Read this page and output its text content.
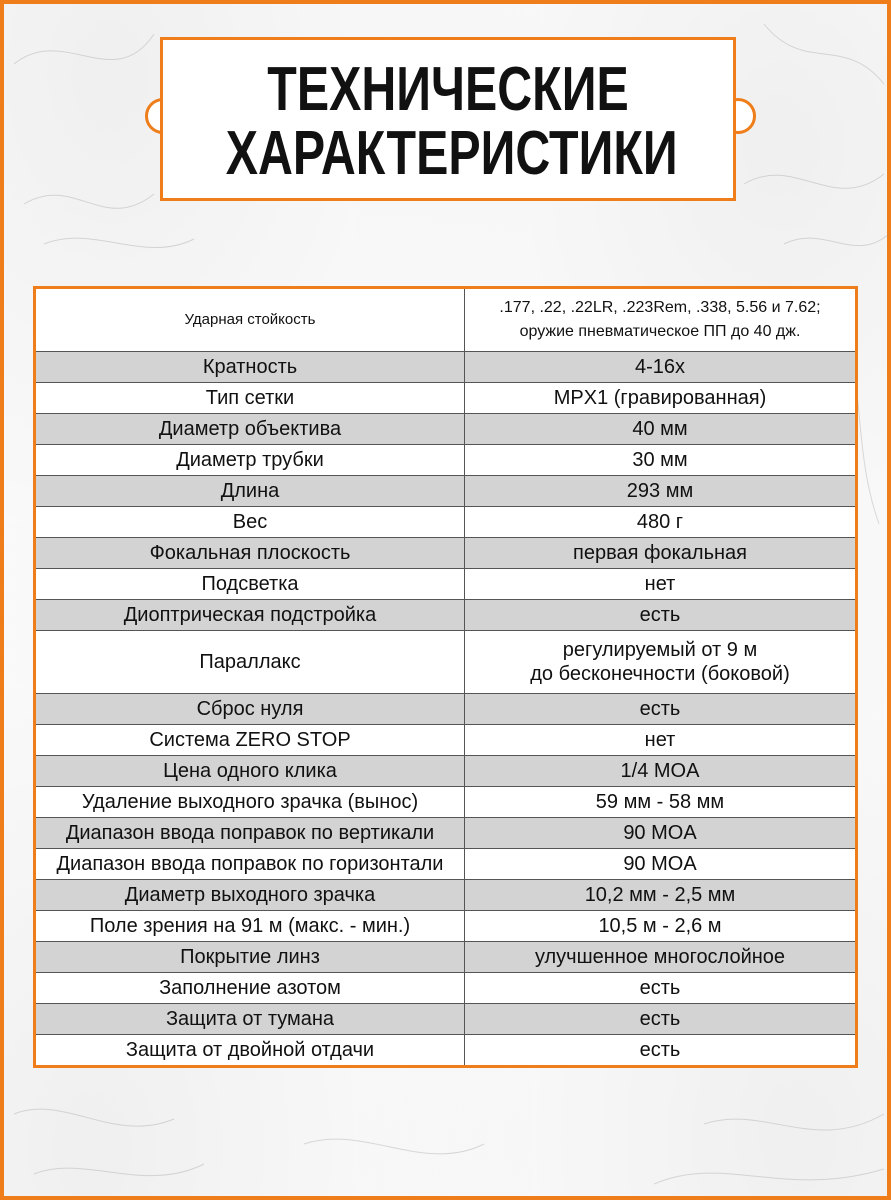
ТЕХНИЧЕСКИЕ
ХАРАКТЕРИСТИКИ
Ударная стойкость	.177, .22, .22LR, .223Rem, .338, 5.56 и 7.62;
оружие пневматическое ПП до 40 дж.

Кратность	4-16x
Тип сетки	MPX1 (гравированная)
Диаметр объектива	40 мм
Диаметр трубки	30 мм
Длина	293 мм
Вес	480 г
Фокальная плоскость	первая фокальная
Подсветка	нет
Диоптрическая подстройка	есть
Параллакс	регулируемый от 9 м
до бесконечности (боковой)

Сброс нуля	есть
Система ZERO STOP	нет
Цена одного клика	1/4 MOA
Удаление выходного зрачка (вынос)	59 мм - 58 мм
Диапазон ввода поправок по вертикали	90 MOA
Диапазон ввода поправок по горизонтали	90 MOA
Диаметр выходного зрачка	10,2 мм - 2,5 мм
Поле зрения на 91 м (макс. - мин.)	10,5 м - 2,6 м
Покрытие линз	улучшенное многослойное
Заполнение азотом	есть
Защита от тумана	есть
Защита от двойной отдачи	есть
